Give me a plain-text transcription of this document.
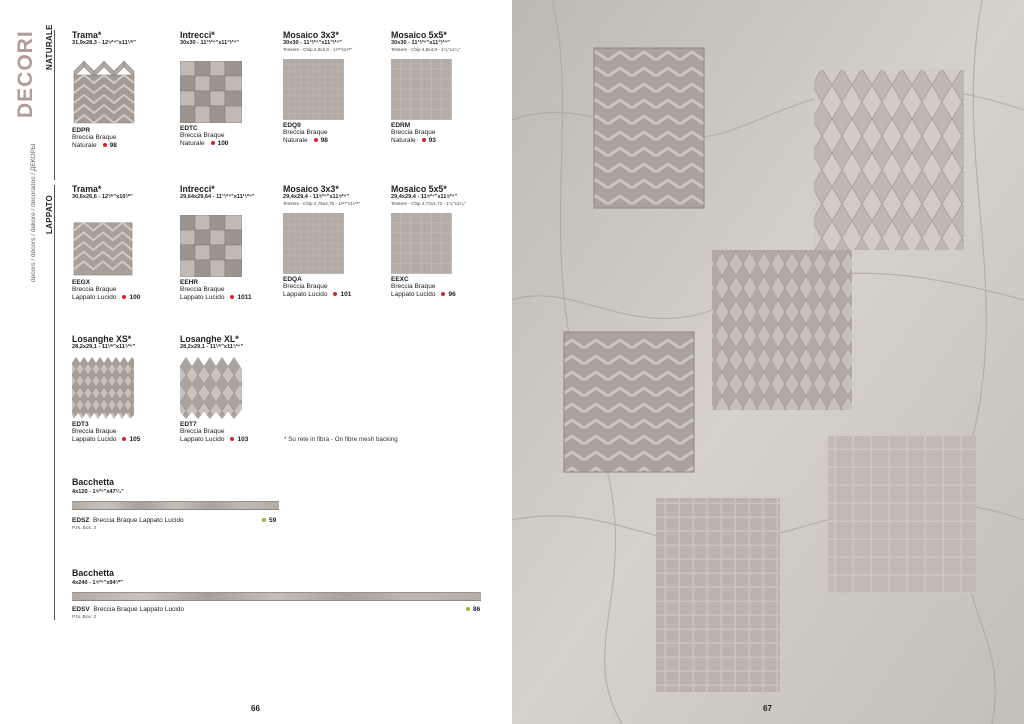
DECORI
decors / décors / dekore / decorados / ДЕКОРЫ
NATURALE
LAPPATO
Trama*
31,9x28,3 - 12⁹⁄¹⁶"x11¹⁄⁸"
EDPR
Breccia Braque
Naturale 98
Intrecci*
30x30 - 11¹³⁄¹⁶"x11¹³⁄¹⁶"
EDTC
Breccia Braque
Naturale 100
Mosaico 3x3*
30x30 - 11¹³⁄¹⁶"x11¹³⁄¹⁶"
Tessere - Chip 2,8x2,8 - 1¹⁄⁸"x1¹⁄⁸"
EDQ9
Breccia Braque
Naturale 98
Mosaico 5x5*
30x30 - 11¹³⁄¹⁶"x11¹³⁄¹⁶"
Tessere - Chip 4,8x4,8 - 1⁷⁄₈"x1⁷⁄₈"
EDRM
Breccia Braque
Naturale 93
Trama*
30,6x26,6 - 12¹⁄⁸"x10¹⁄²"
EEGX
Breccia Braque
Lappato Lucido 100
Intrecci*
29,64x29,64 - 11¹¹⁄¹⁶"x11¹¹⁄¹⁶"
EEHR
Breccia Braque
Lappato Lucido 1011
Mosaico 3x3*
29,4x29,4 - 11⁹⁄¹⁶"x11⁹⁄¹⁶"
Tessere - Chip 2,76x2,76 - 1¹⁄¹⁶"x1¹⁄¹⁶"
EDQA
Breccia Braque
Lappato Lucido 101
Mosaico 5x5*
29,4x29,4 - 11⁹⁄¹⁶"x11⁹⁄¹⁶"
Tessere - Chip 4,73x4,73 - 1⁷⁄₈"x1⁷⁄₈"
EEXC
Breccia Braque
Lappato Lucido 96
Losanghe XS*
28,2x29,1 - 11¹⁄⁸"x11⁷⁄¹⁶"
EDT3
Breccia Braque
Lappato Lucido 105
Losanghe XL*
28,2x29,1 - 11¹⁄⁸"x11⁷⁄¹⁶"
EDT7
Breccia Braque
Lappato Lucido 103	* Su rete in fibra - On fibre mesh backing
Bacchetta
4x120 - 1⁹⁄¹⁶"x47¹⁄₄"
EDSZ Breccia Braque Lappato Lucido
Pzs. Box: 2
59
Bacchetta
4x240 - 1⁹⁄¹⁶"x94¹⁄²"
EDSV Breccia Braque Lappato Lucido
Pzs. Box: 2
86
66	67
